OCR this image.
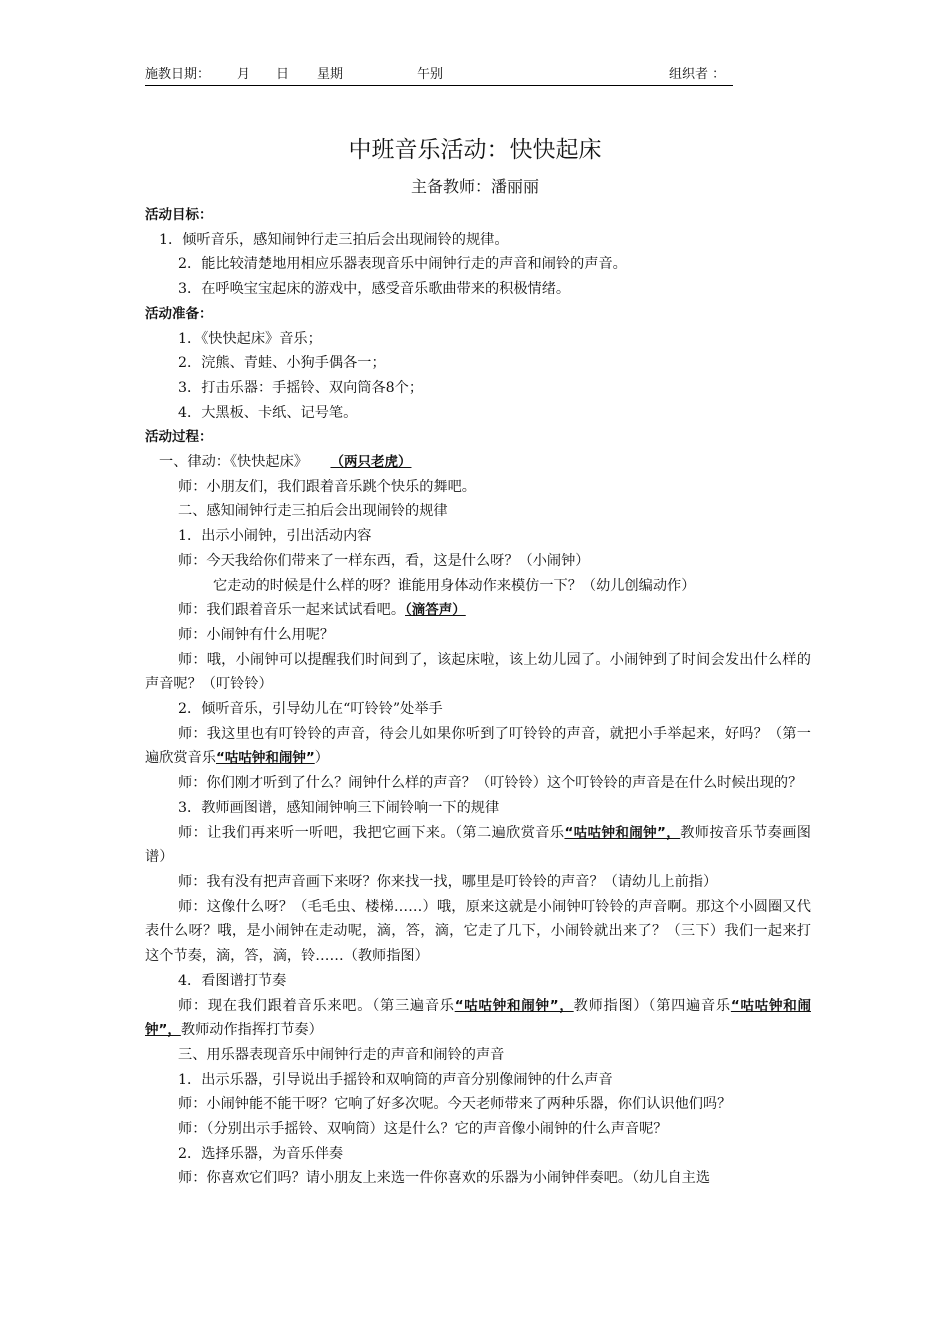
施教日期： 月 日 星期	午别	组织者 ：
中班音乐活动：快快起床
主备教师：潘丽丽

活动目标：

1．倾听音乐，感知闹钟行走三拍后会出现闹铃的规律。

2．能比较清楚地用相应乐器表现音乐中闹钟行走的声音和闹铃的声音。

3．在呼唤宝宝起床的游戏中，感受音乐歌曲带来的积极情绪。

活动准备：

1．《快快起床》音乐；

2．浣熊、青蛙、小狗手偶各一；

3．打击乐器：手摇铃、双向筒各8个；

4．大黑板、卡纸、记号笔。

活动过程：

一、律动：《快快起床》 （两只老虎）

师：小朋友们，我们跟着音乐跳个快乐的舞吧。

二、感知闹钟行走三拍后会出现闹铃的规律

1．出示小闹钟，引出活动内容

师：今天我给你们带来了一样东西，看，这是什么呀？（小闹钟）

它走动的时候是什么样的呀？谁能用身体动作来模仿一下？（幼儿创编动作）

师：我们跟着音乐一起来试试看吧。（滴答声）

师：小闹钟有什么用呢？

师：哦，小闹钟可以提醒我们时间到了，该起床啦，该上幼儿园了。小闹钟到了时间会发出什么样的声音呢？（叮铃铃）

2．倾听音乐，引导幼儿在“叮铃铃”处举手

师：我这里也有叮铃铃的声音，待会儿如果你听到了叮铃铃的声音，就把小手举起来，好吗？（第一遍欣赏音乐“咕咕钟和闹钟”）

师：你们刚才听到了什么？闹钟什么样的声音？（叮铃铃）这个叮铃铃的声音是在什么时候出现的？

3．教师画图谱，感知闹钟响三下闹铃响一下的规律

师：让我们再来听一听吧，我把它画下来。（第二遍欣赏音乐“咕咕钟和闹钟”，教师按音乐节奏画图谱）

师：我有没有把声音画下来呀？你来找一找，哪里是叮铃铃的声音？（请幼儿上前指）

师：这像什么呀？（毛毛虫、楼梯……）哦，原来这就是小闹钟叮铃铃的声音啊。那这个小圆圈又代表什么呀？哦，是小闹钟在走动呢，滴，答，滴，它走了几下，小闹铃就出来了？（三下）我们一起来打这个节奏，滴，答，滴，铃……（教师指图）

4．看图谱打节奏

师：现在我们跟着音乐来吧。（第三遍音乐“咕咕钟和闹钟”，教师指图）（第四遍音乐“咕咕钟和闹钟”，教师动作指挥打节奏）

三、用乐器表现音乐中闹钟行走的声音和闹铃的声音

1．出示乐器，引导说出手摇铃和双响筒的声音分别像闹钟的什么声音

师：小闹钟能不能干呀？它响了好多次呢。今天老师带来了两种乐器，你们认识他们吗？

师：（分别出示手摇铃、双响筒）这是什么？它的声音像小闹钟的什么声音呢？

2．选择乐器，为音乐伴奏

师：你喜欢它们吗？请小朋友上来选一件你喜欢的乐器为小闹钟伴奏吧。（幼儿自主选
